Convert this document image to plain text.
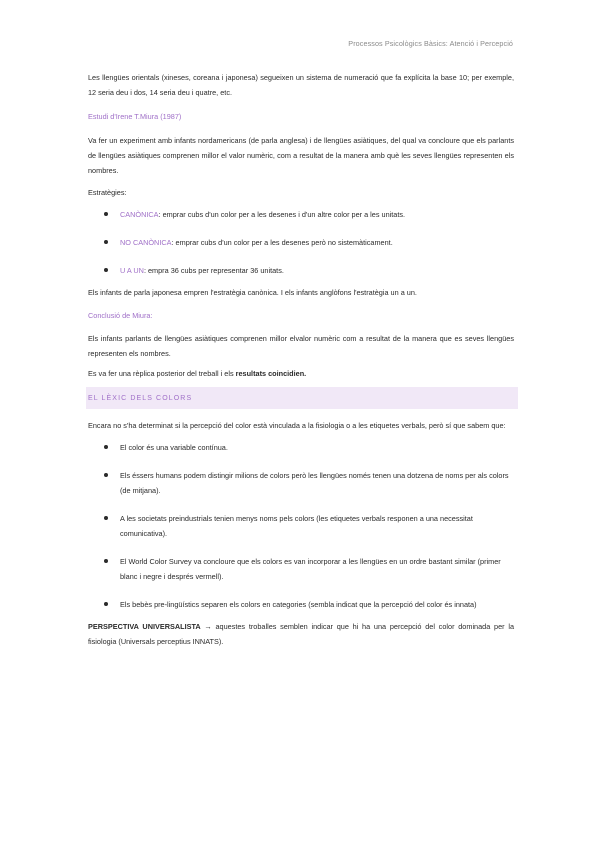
Processos Psicològics Bàsics: Atenció i Percepció

Les llengües orientals (xineses, coreana i japonesa) segueixen un sistema de numeració que fa explícita la base 10; per exemple, 12 seria deu i dos, 14 seria deu i quatre, etc.

Estudi d'Irene T.Miura (1987)

Va fer un experiment amb infants nordamericans (de parla anglesa) i de llengües asiàtiques, del qual va concloure que els parlants de llengües asiàtiques comprenen millor el valor numèric, com a resultat de la manera amb què les seves llengües representen els nombres.

Estratègies:

CANÒNICA: emprar cubs d'un color per a les desenes i d'un altre color per a les unitats.
NO CANÒNICA: emprar cubs d'un color per a les desenes però no sistemàticament.
U A UN: empra 36 cubs per representar 36 unitats.

Els infants de parla japonesa empren l'estratègia canònica. I els infants anglòfons l'estratègia un a un.

Conclusió de Miura:

Els infants parlants de llengües asiàtiques comprenen millor elvalor numèric com a resultat de la manera que es seves llengües representen els nombres.

Es va fer una rèplica posterior del treball i els resultats coincidien.

EL LÈXIC DELS COLORS

Encara no s'ha determinat si la percepció del color està vinculada a la fisiologia o a les etiquetes verbals, però sí que sabem que:

El color és una variable contínua.
Els éssers humans podem distingir milions de colors però les llengües només tenen una dotzena de noms per als colors (de mitjana).
A les societats preindustrials tenien menys noms pels colors (les etiquetes verbals responen a una necessitat comunicativa).
El World Color Survey va concloure que els colors es van incorporar a les llengües en un ordre bastant similar (primer blanc i negre i després vermell).
Els bebès pre-lingüístics separen els colors en categories (sembla indicat que la percepció del color és innata)

PERSPECTIVA UNIVERSALISTA → aquestes troballes semblen indicar que hi ha una percepció del color dominada per la fisiologia (Universals perceptius INNATS).
